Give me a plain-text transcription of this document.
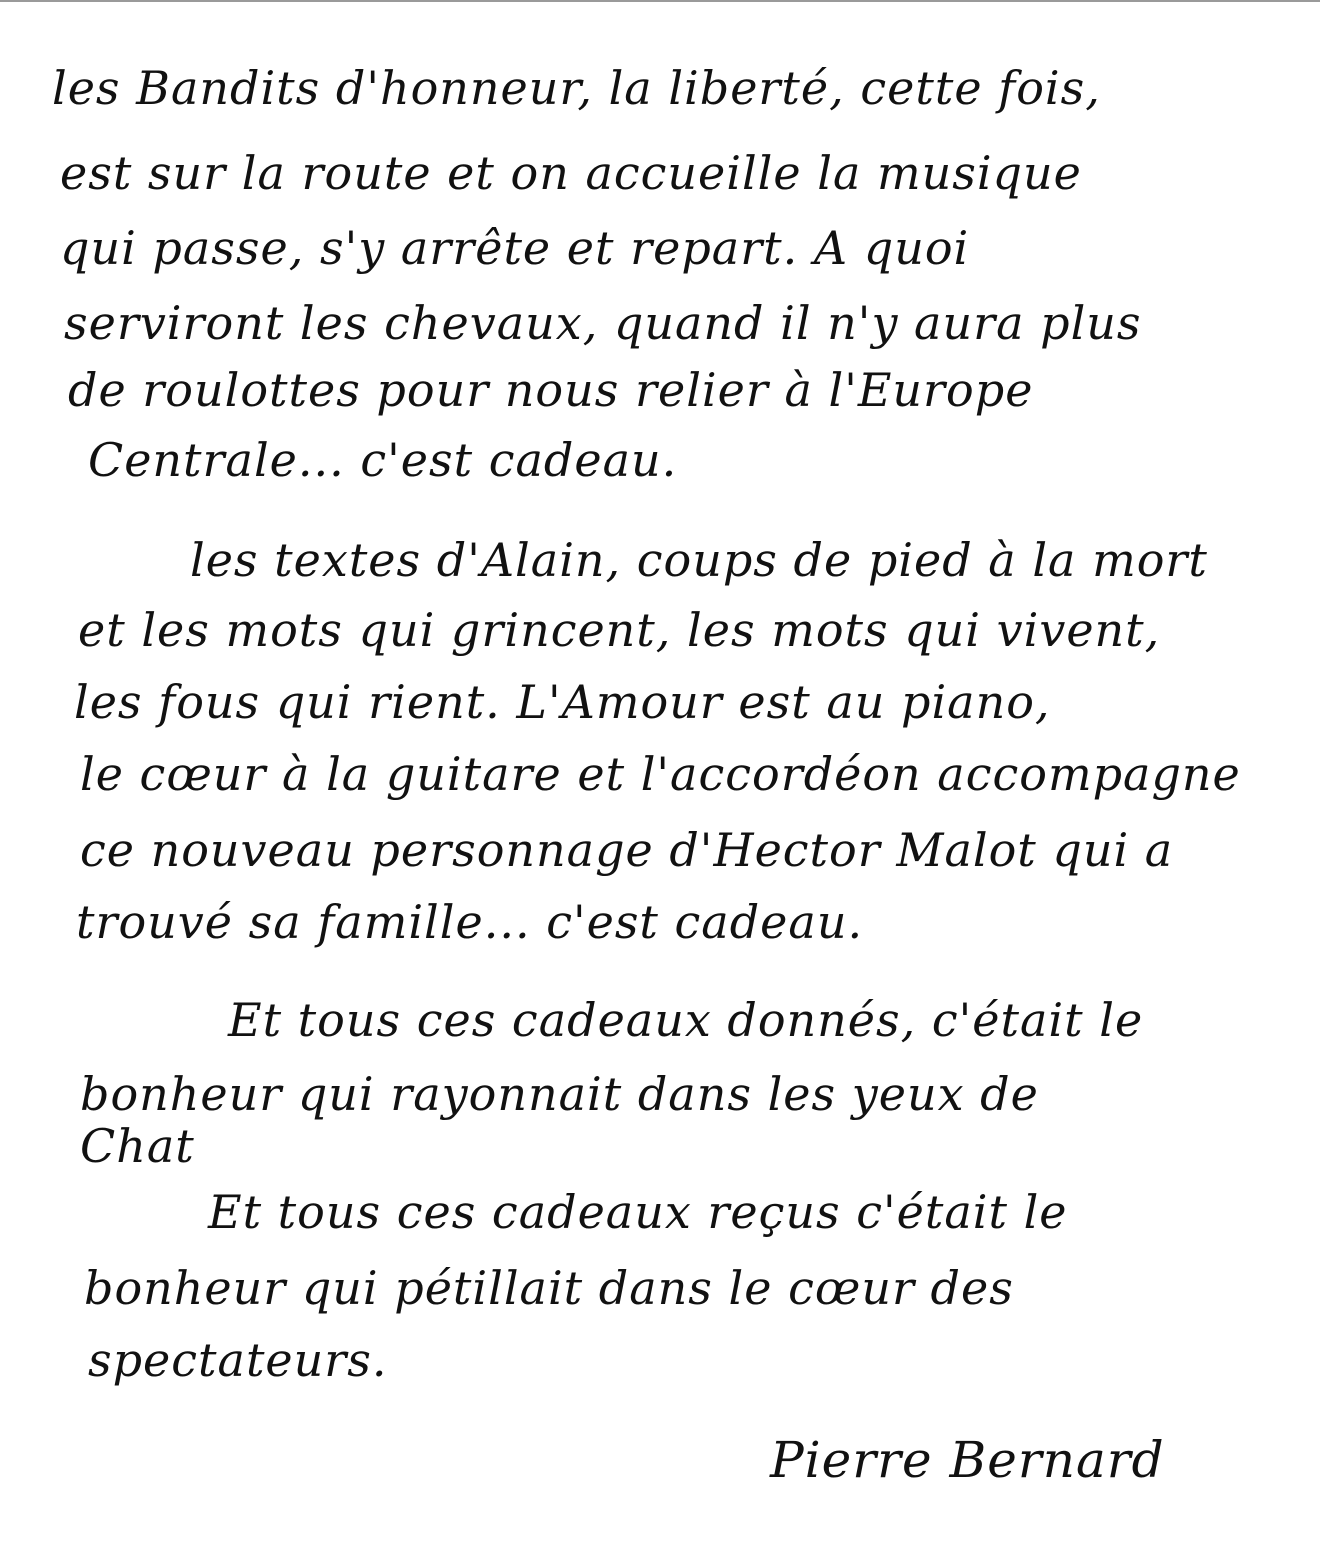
les Bandits d'honneur, la liberté, cette fois,
est sur la route et on accueille la musique
qui passe, s'y arrête et repart. A quoi
serviront les chevaux, quand il n'y aura plus
de roulottes pour nous relier à l'Europe
Centrale... c'est cadeau.
les textes d'Alain, coups de pied à la mort
et les mots qui grincent, les mots qui vivent,
les fous qui rient. L'Amour est au piano,
le cœur à la guitare et l'accordéon accompagne
ce nouveau personnage d'Hector Malot qui a
trouvé sa famille... c'est cadeau.
Et tous ces cadeaux donnés, c'était le
bonheur qui rayonnait dans les yeux de
Chat
Et tous ces cadeaux reçus c'était le
bonheur qui pétillait dans le cœur des
spectateurs.
Pierre Bernard
